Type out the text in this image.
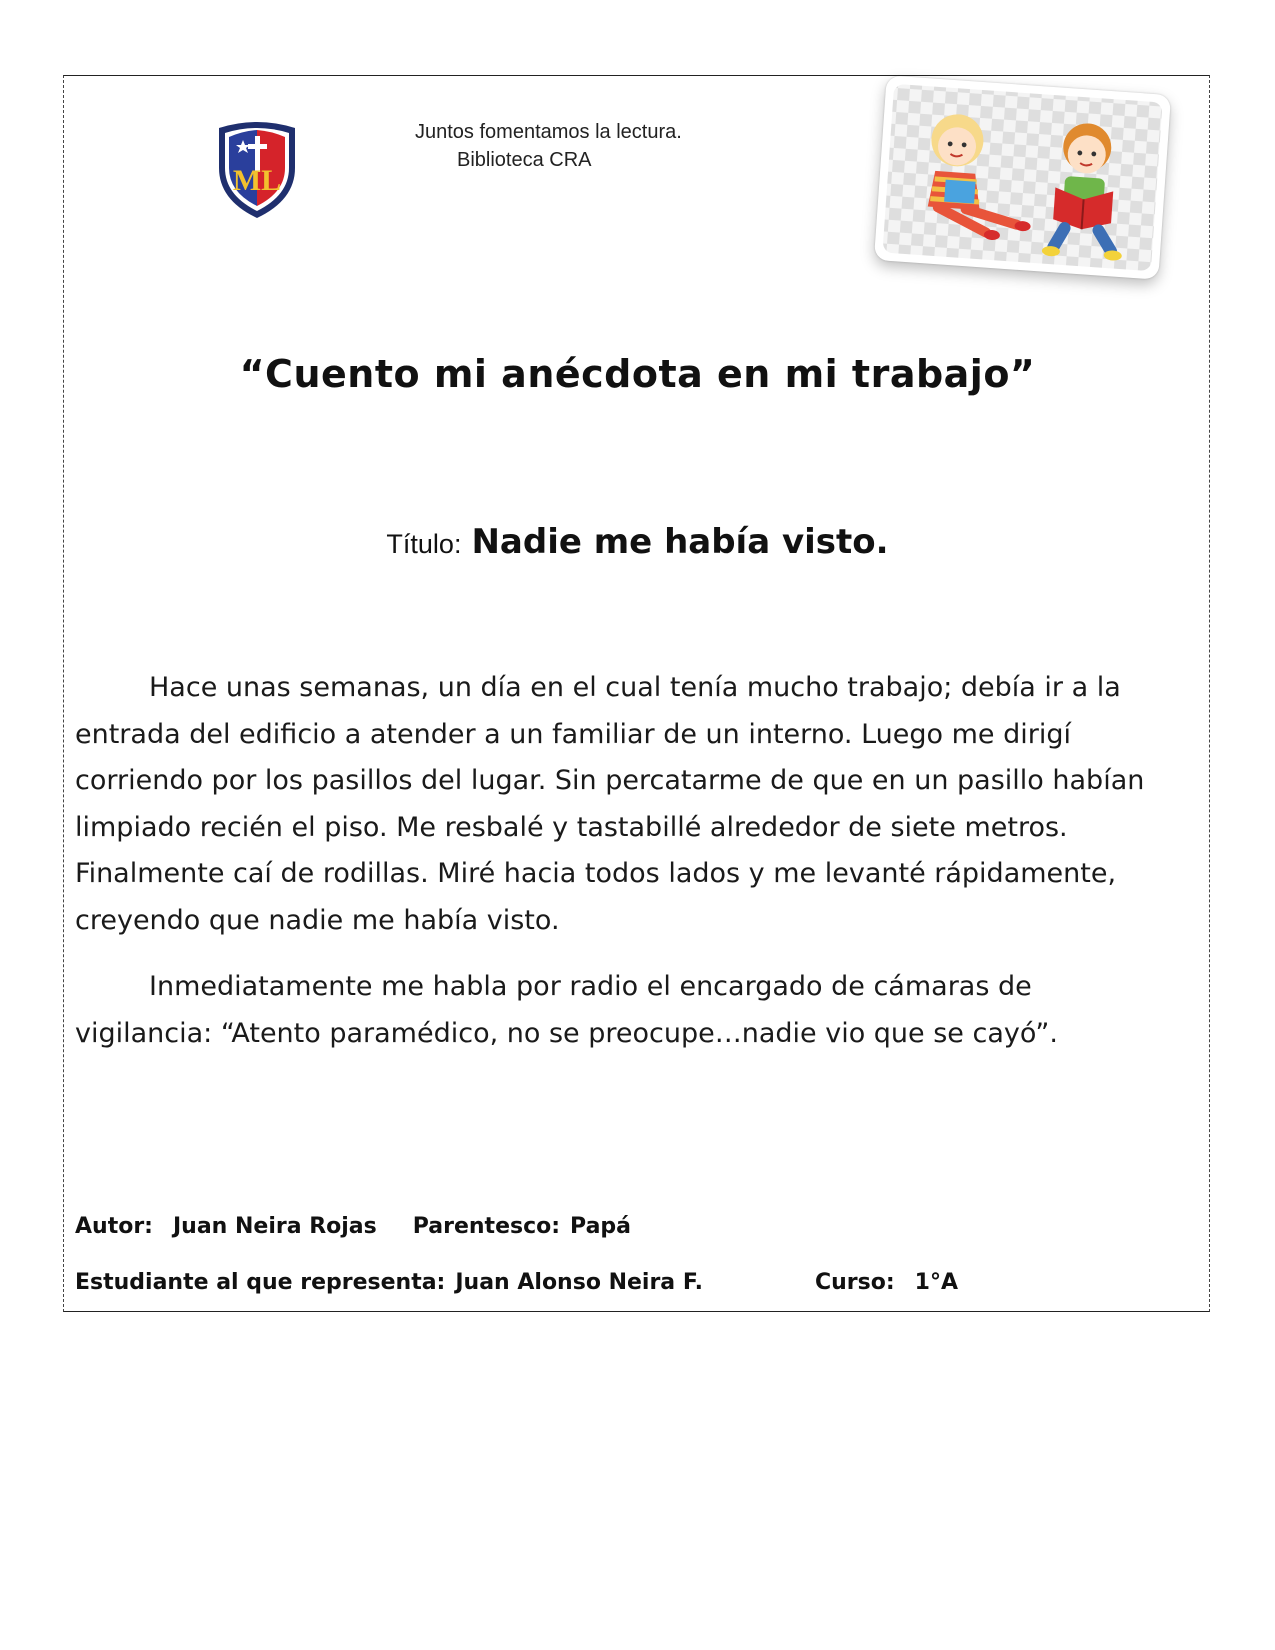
ML
Juntos fomentamos la lectura.
Biblioteca CRA
“Cuento mi anécdota en mi trabajo”
Título: Nadie me había visto.

Hace unas semanas, un día en el cual tenía mucho trabajo; debía ir a la entrada del edificio a atender a un familiar de un interno. Luego me dirigí corriendo por los pasillos del lugar. Sin percatarme de que en un pasillo habían limpiado recién el piso. Me resbalé y tastabillé alrededor de siete metros. Finalmente caí de rodillas. Miré hacia todos lados y me levanté rápidamente, creyendo que nadie me había visto.

Inmediatamente me habla por radio el encargado de cámaras de vigilancia: “Atento paramédico, no se preocupe…nadie vio que se cayó”.

Autor: Juan Neira Rojas Parentesco: Papá
Estudiante al que representa: Juan Alonso Neira F.	Curso: 1°A
